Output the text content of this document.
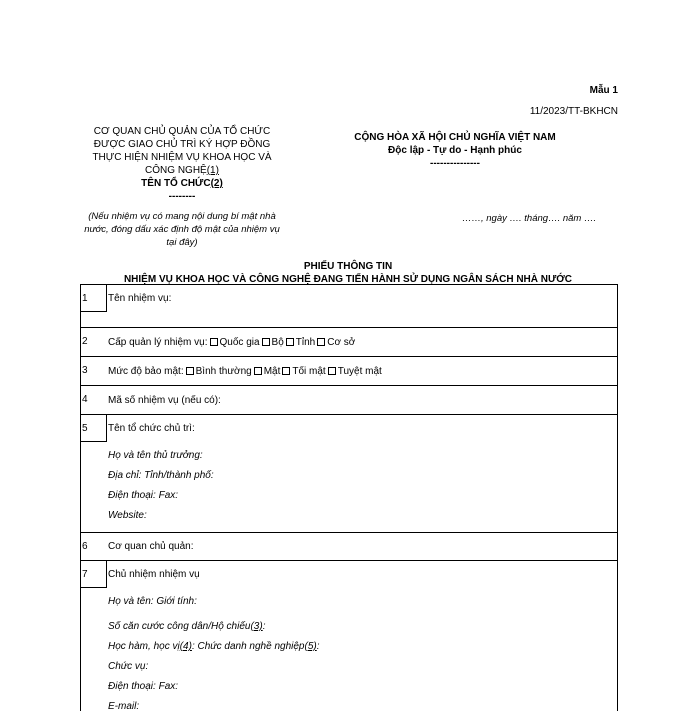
Mẫu 1
11/2023/TT-BKHCN
CƠ QUAN CHỦ QUẢN CỦA TỔ CHỨC
ĐƯỢC GIAO CHỦ TRÌ KÝ HỢP ĐỒNG
THỰC HIỆN NHIỆM VỤ KHOA HỌC VÀ
CÔNG NGHỆ(1)
TÊN TỔ CHỨC(2)
--------
CỘNG HÒA XÃ HỘI CHỦ NGHĨA VIỆT NAM
Độc lập - Tự do - Hạnh phúc
---------------
(Nếu nhiệm vụ có mang nội dung bí mật nhà nước, đóng dấu xác định độ mật của nhiệm vụ tại đây)
……, ngày …. tháng…. năm ….
PHIẾU THÔNG TIN
NHIỆM VỤ KHOA HỌC VÀ CÔNG NGHỆ ĐANG TIẾN HÀNH SỬ DỤNG NGÂN SÁCH NHÀ NƯỚC
1	Tên nhiệm vụ:
2	Cấp quản lý nhiệm vụ: Quốc gia Bộ Tỉnh Cơ sở
3	Mức độ bảo mật: Bình thường Mật Tối mật Tuyệt mật
4	Mã số nhiệm vụ (nếu có):
5	Tên tổ chức chủ trì:
Họ và tên thủ trưởng:
Địa chỉ: Tỉnh/thành phố:
Điện thoại: Fax:
Website:
6	Cơ quan chủ quản:
7	Chủ nhiệm nhiệm vụ
Họ và tên: Giới tính:
Số căn cước công dân/Hộ chiếu(3):
Học hàm, học vị(4): Chức danh nghề nghiệp(5):
Chức vụ:
Điện thoại: Fax:
E-mail:
